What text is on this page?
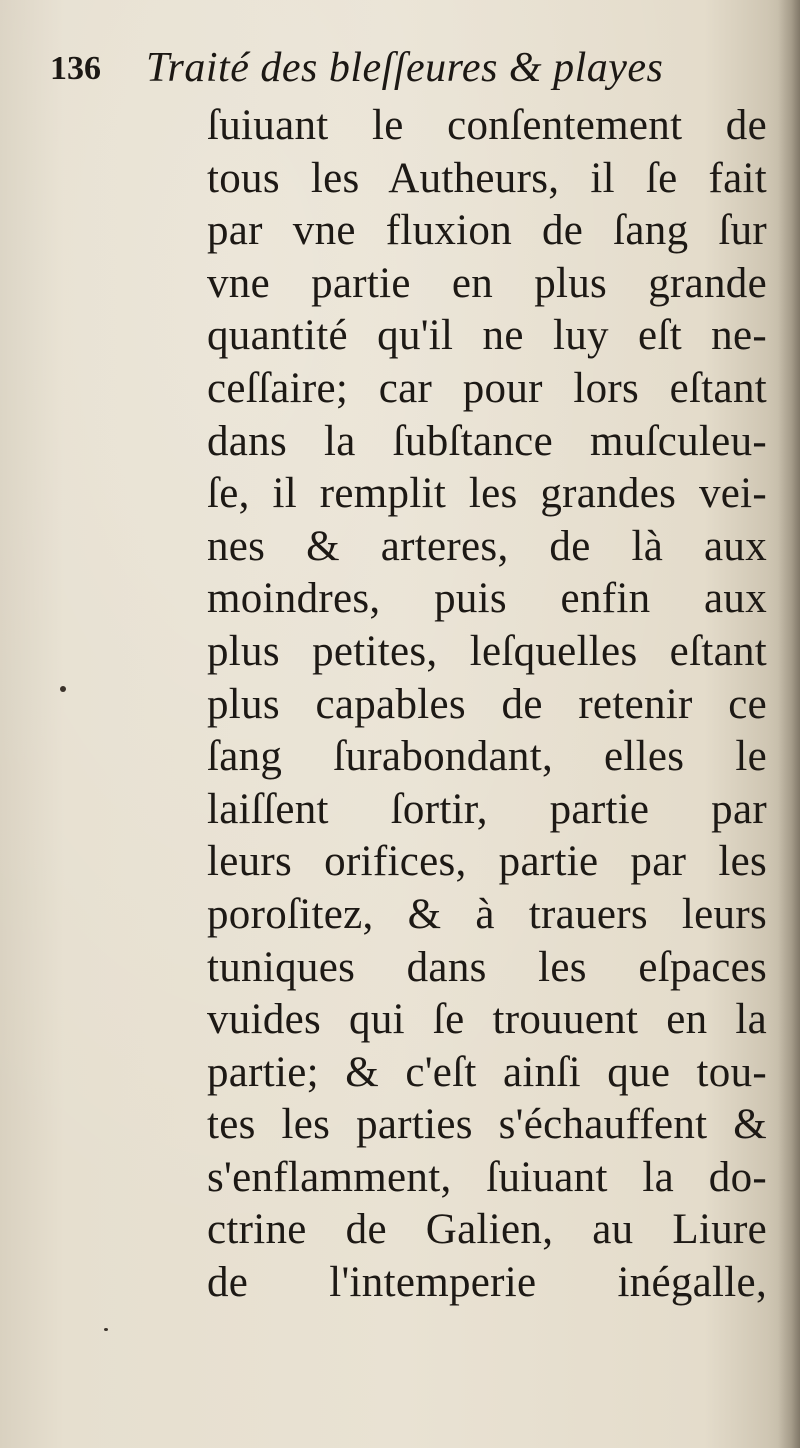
136 Traité des bleſſeures & playes
ſuiuant le conſentement de
tous les Autheurs, il ſe fait
par vne fluxion de ſang ſur
vne partie en plus grande
quantité qu'il ne luy eſt ne-
ceſſaire; car pour lors eſtant
dans la ſubſtance muſculeu-
ſe, il remplit les grandes vei-
nes & arteres, de là aux
moindres, puis enfin aux
plus petites, leſquelles eſtant
plus capables de retenir ce
ſang ſurabondant, elles le
laiſſent ſortir, partie par
leurs orifices, partie par les
poroſitez, & à trauers leurs
tuniques dans les eſpaces
vuides qui ſe trouuent en la
partie; & c'eſt ainſi que tou-
tes les parties s'échauffent &
s'enflamment, ſuiuant la do-
ctrine de Galien, au Liure
de l'intemperie inégalle,
